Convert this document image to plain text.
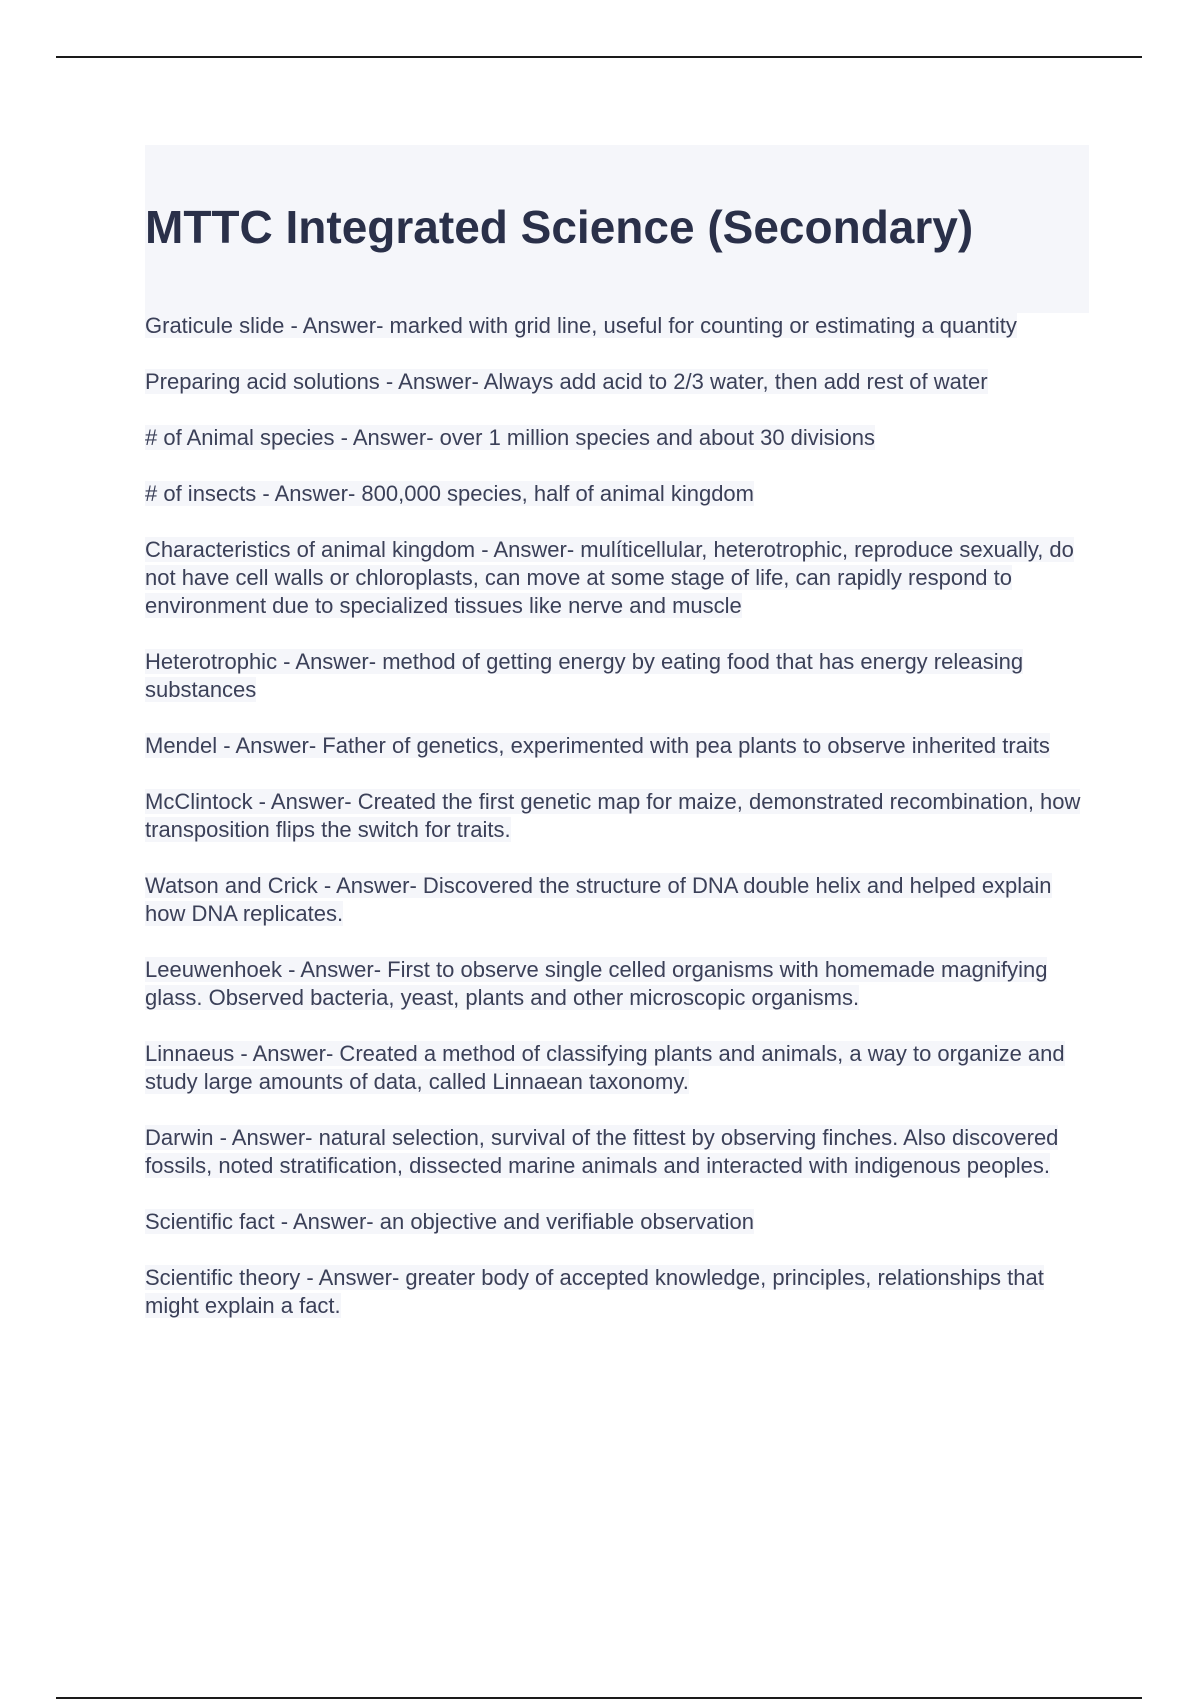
MTTC Integrated Science (Secondary)
Graticule slide - Answer- marked with grid line, useful for counting or estimating a quantity
Preparing acid solutions - Answer- Always add acid to 2/3 water, then add rest of water
# of Animal species - Answer- over 1 million species and about 30 divisions
# of insects - Answer- 800,000 species, half of animal kingdom
Characteristics of animal kingdom - Answer- mulíticellular, heterotrophic, reproduce sexually, do not have cell walls or chloroplasts, can move at some stage of life, can rapidly respond to environment due to specialized tissues like nerve and muscle
Heterotrophic - Answer- method of getting energy by eating food that has energy releasing substances
Mendel - Answer- Father of genetics, experimented with pea plants to observe inherited traits
McClintock - Answer- Created the first genetic map for maize, demonstrated recombination, how transposition flips the switch for traits.
Watson and Crick - Answer- Discovered the structure of DNA double helix and helped explain how DNA replicates.
Leeuwenhoek - Answer- First to observe single celled organisms with homemade magnifying glass. Observed bacteria, yeast, plants and other microscopic organisms.
Linnaeus - Answer- Created a method of classifying plants and animals, a way to organize and study large amounts of data, called Linnaean taxonomy.
Darwin - Answer- natural selection, survival of the fittest by observing finches. Also discovered fossils, noted stratification, dissected marine animals and interacted with indigenous peoples.
Scientific fact - Answer- an objective and verifiable observation
Scientific theory - Answer- greater body of accepted knowledge, principles, relationships that might explain a fact.
